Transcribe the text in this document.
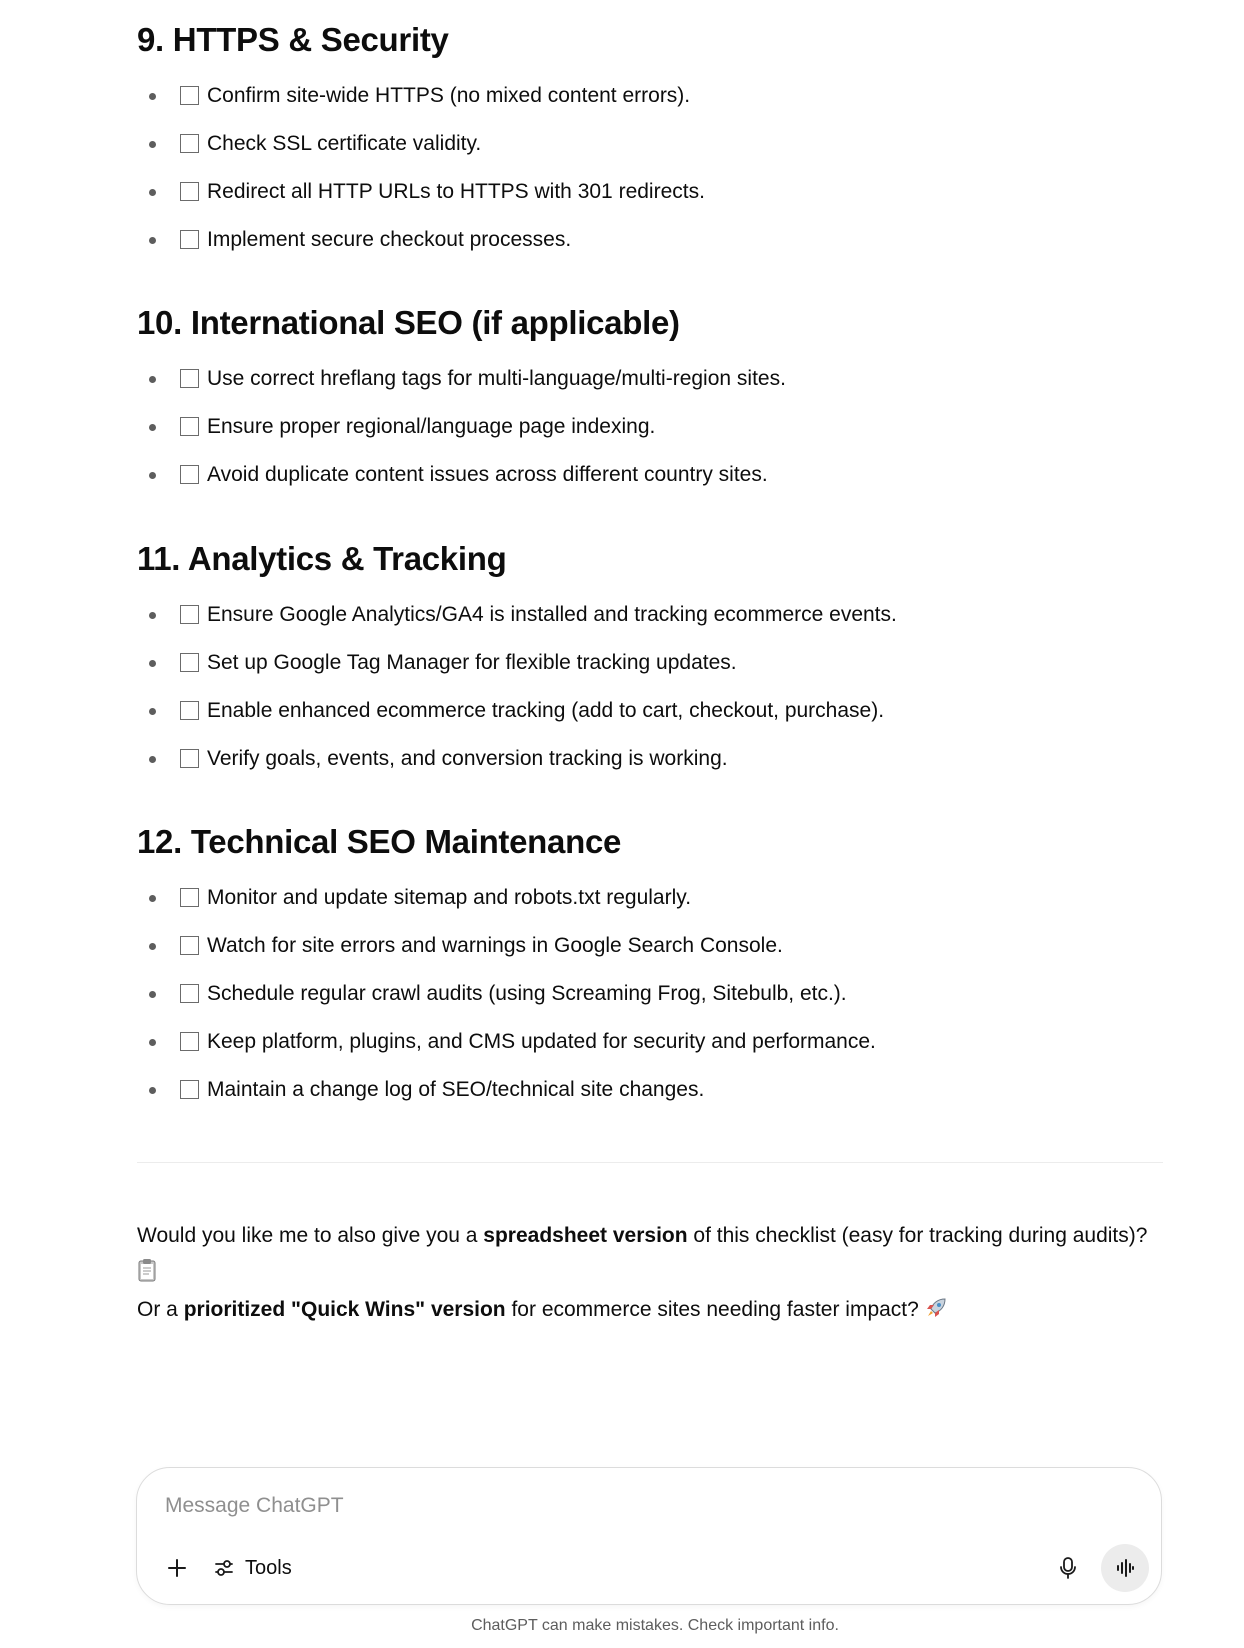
9. HTTPS & Security
Confirm site-wide HTTPS (no mixed content errors).
Check SSL certificate validity.
Redirect all HTTP URLs to HTTPS with 301 redirects.
Implement secure checkout processes.
10. International SEO (if applicable)
Use correct hreflang tags for multi-language/multi-region sites.
Ensure proper regional/language page indexing.
Avoid duplicate content issues across different country sites.
11. Analytics & Tracking
Ensure Google Analytics/GA4 is installed and tracking ecommerce events.
Set up Google Tag Manager for flexible tracking updates.
Enable enhanced ecommerce tracking (add to cart, checkout, purchase).
Verify goals, events, and conversion tracking is working.
12. Technical SEO Maintenance
Monitor and update sitemap and robots.txt regularly.
Watch for site errors and warnings in Google Search Console.
Schedule regular crawl audits (using Screaming Frog, Sitebulb, etc.).
Keep platform, plugins, and CMS updated for security and performance.
Maintain a change log of SEO/technical site changes.
Would you like me to also give you a spreadsheet version of this checklist (easy for tracking during audits)?
Or a prioritized "Quick Wins" version for ecommerce sites needing faster impact?
Message ChatGPT
Tools
ChatGPT can make mistakes. Check important info.
